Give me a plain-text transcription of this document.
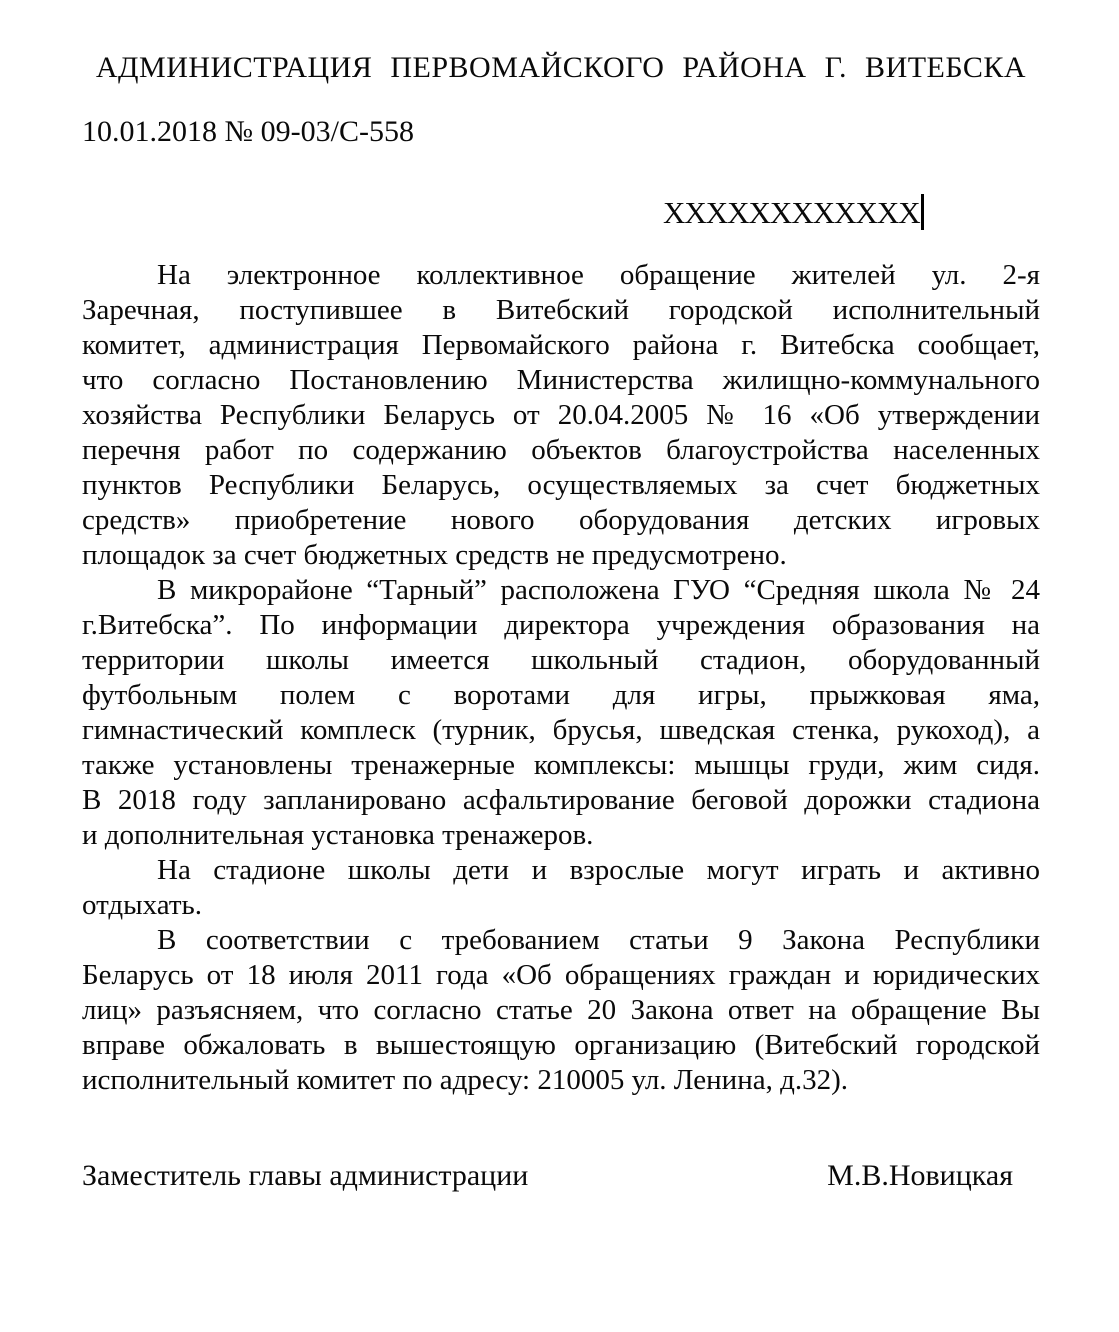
АДМИНИСТРАЦИЯ ПЕРВОМАЙСКОГО РАЙОНА Г. ВИТЕБСКА
10.01.2018 № 09-03/С-558
ХХХХХХХХХХХХ
На электронное коллективное обращение жителей ул. 2-я
Заречная, поступившее в Витебский городской исполнительный
комитет, администрация Первомайского района г. Витебска сообщает,
что согласно Постановлению Министерства жилищно-коммунального
хозяйства Республики Беларусь от 20.04.2005 № 16 «Об утверждении
перечня работ по содержанию объектов благоустройства населенных
пунктов Республики Беларусь, осуществляемых за счет бюджетных
средств» приобретение нового оборудования детских игровых
площадок за счет бюджетных средств не предусмотрено.
В микрорайоне “Тарный” расположена ГУО “Средняя школа № 24
г.Витебска”. По информации директора учреждения образования на
территории школы имеется школьный стадион, оборудованный
футбольным полем с воротами для игры, прыжковая яма,
гимнастический комплеск (турник, брусья, шведская стенка, рукоход), а
также установлены тренажерные комплексы: мышцы груди, жим сидя.
В 2018 году запланировано асфальтирование беговой дорожки стадиона
и дополнительная установка тренажеров.
На стадионе школы дети и взрослые могут играть и активно
отдыхать.
В соответствии с требованием статьи 9 Закона Республики
Беларусь от 18 июля 2011 года «Об обращениях граждан и юридических
лиц» разъясняем, что согласно статье 20 Закона ответ на обращение Вы
вправе обжаловать в вышестоящую организацию (Витебский городской
исполнительный комитет по адресу: 210005 ул. Ленина, д.32).
Заместитель главы администрации	М.В.Новицкая
